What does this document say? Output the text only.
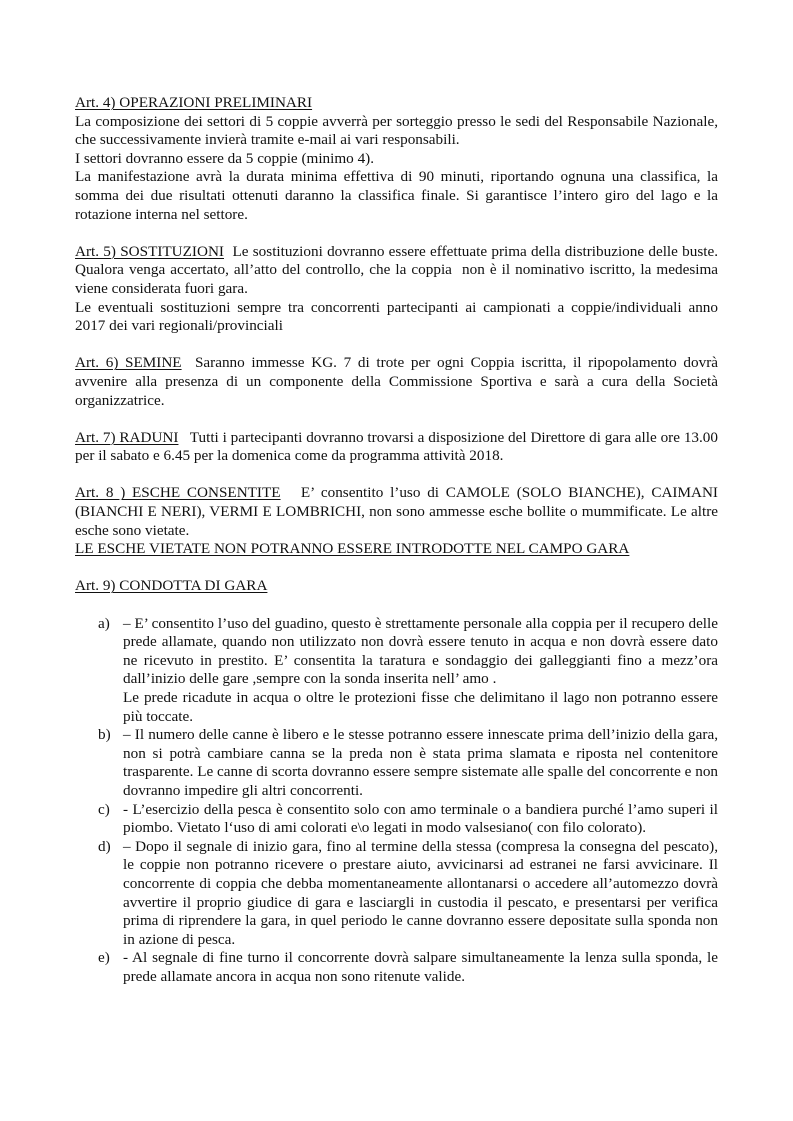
Art. 4) OPERAZIONI PRELIMINARI

La composizione dei settori di 5 coppie avverrà per sorteggio presso le sedi del Responsabile Nazionale, che successivamente invierà tramite e-mail ai vari responsabili.

I settori dovranno essere da 5 coppie (minimo 4).

La manifestazione avrà la durata minima effettiva di 90 minuti, riportando ognuna una classifica, la somma dei due risultati ottenuti daranno la classifica finale. Si garantisce l’intero giro del lago e la rotazione interna nel settore.

Art. 5) SOSTITUZIONI  Le sostituzioni dovranno essere effettuate prima della distribuzione delle buste. Qualora venga accertato, all’atto del controllo, che la coppia  non è il nominativo iscritto, la medesima viene considerata fuori gara.

Le eventuali sostituzioni sempre tra concorrenti partecipanti ai campionati a coppie/individuali anno 2017 dei vari regionali/provinciali

Art. 6) SEMINE  Saranno immesse KG. 7 di trote per ogni Coppia iscritta, il ripopolamento dovrà avvenire alla presenza di un componente della Commissione Sportiva e sarà a cura della Società organizzatrice.

Art. 7) RADUNI   Tutti i partecipanti dovranno trovarsi a disposizione del Direttore di gara alle ore 13.00 per il sabato e 6.45 per la domenica come da programma attività 2018.

Art. 8 ) ESCHE CONSENTITE   E’ consentito l’uso di CAMOLE (SOLO BIANCHE), CAIMANI (BIANCHI E NERI), VERMI E LOMBRICHI, non sono ammesse esche bollite o mummificate. Le altre esche sono vietate.

LE ESCHE VIETATE NON POTRANNO ESSERE INTRODOTTE NEL CAMPO GARA

Art. 9) CONDOTTA DI GARA

a) – E’ consentito l’uso del guadino, questo è strettamente personale alla coppia per il recupero delle prede allamate, quando non utilizzato non dovrà essere tenuto in acqua e non dovrà essere dato ne ricevuto in prestito. E’ consentita la taratura e sondaggio dei galleggianti fino a mezz’ora dall’inizio delle gare ,sempre con la sonda inserita nell’ amo .

Le prede ricadute in acqua o oltre le protezioni fisse che delimitano il lago non potranno essere più toccate.

b) – Il numero delle canne è libero e le stesse potranno essere innescate prima dell’inizio della gara, non si potrà cambiare canna se la preda non è stata prima slamata e riposta nel contenitore trasparente. Le canne di scorta dovranno essere sempre sistemate alle spalle del concorrente e non dovranno impedire gli altri concorrenti.

c) - L’esercizio della pesca è consentito solo con amo terminale o a bandiera purché l’amo superi il piombo. Vietato l‘uso di ami colorati e\o legati in modo valsesiano( con filo colorato).

d) – Dopo il segnale di inizio gara, fino al termine della stessa (compresa la consegna del pescato), le coppie non potranno ricevere o prestare aiuto, avvicinarsi ad estranei ne farsi avvicinare. Il concorrente di coppia che debba momentaneamente allontanarsi o accedere all’automezzo dovrà avvertire il proprio giudice di gara e lasciargli in custodia il pescato, e presentarsi per verifica prima di riprendere la gara, in quel periodo le canne dovranno essere depositate sulla sponda non in azione di pesca.

e) - Al segnale di fine turno il concorrente dovrà salpare simultaneamente la lenza sulla sponda, le prede allamate ancora in acqua non sono ritenute valide.
